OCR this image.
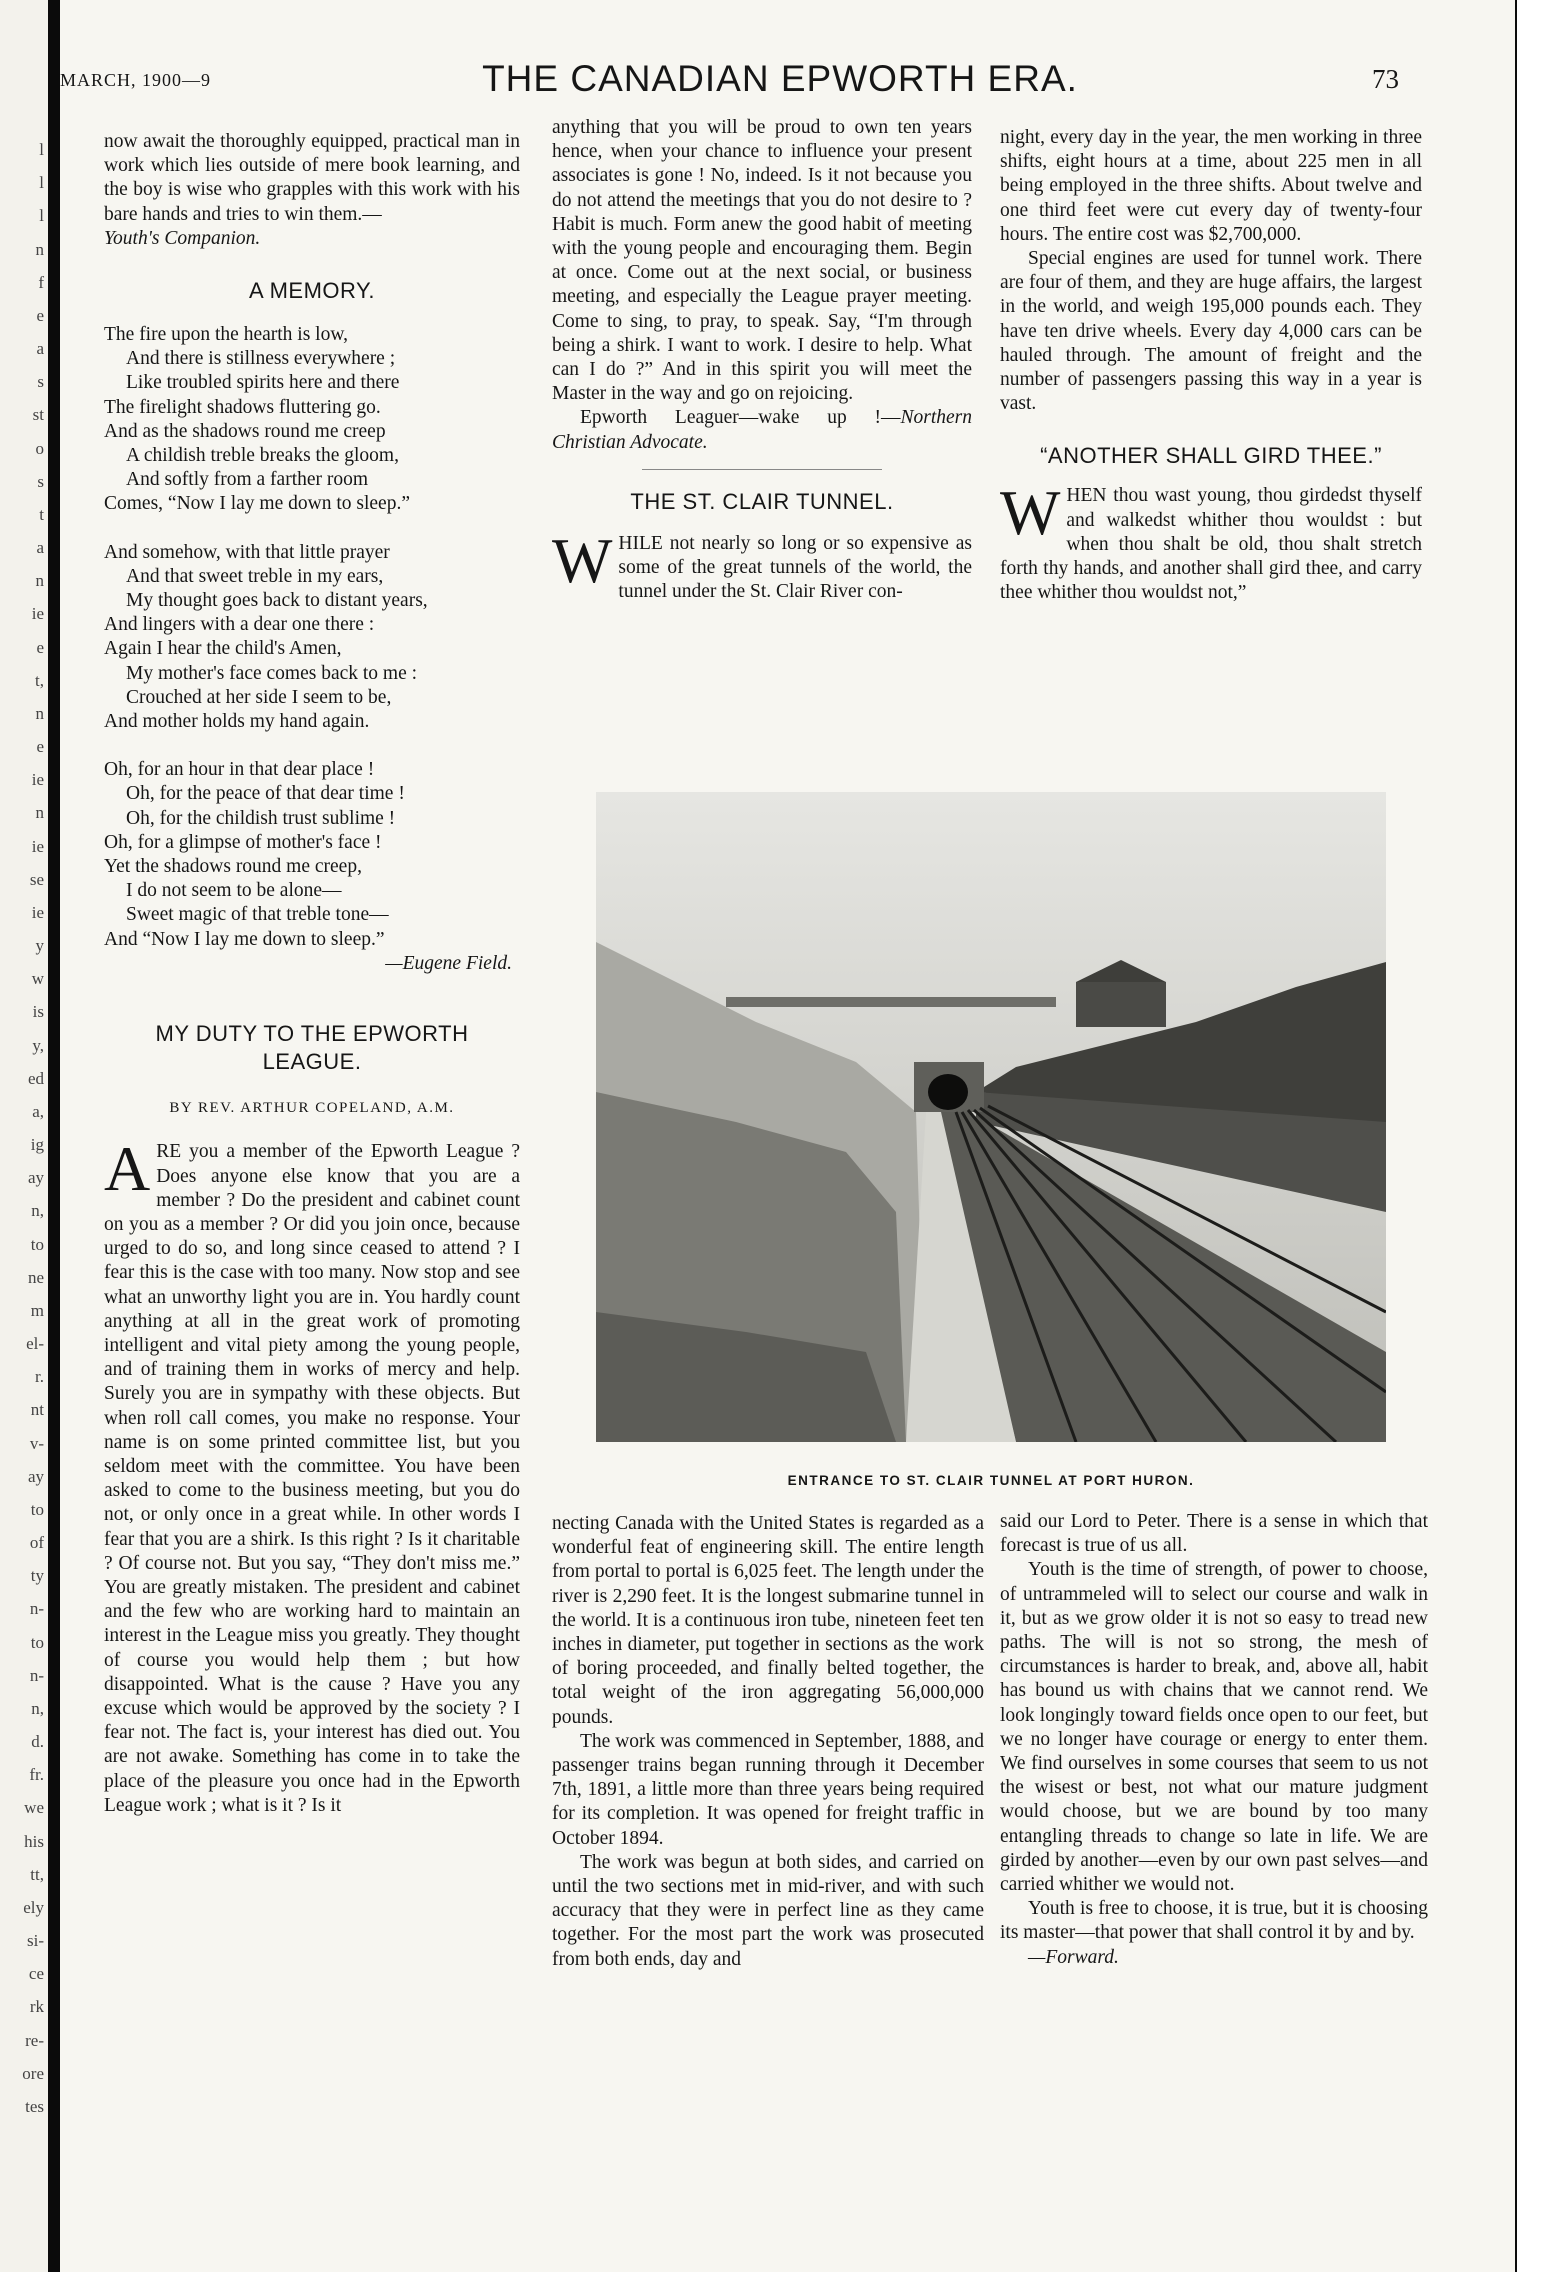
l
l
l
n
f
e
a
s
st
o
s
t
a
n
ie
e
t,
n
e
ie
n
ie
se
ie
y
w
is
y,
ed
a,
ig
ay
n,
to
ne
m
el-
r.
nt
v-
ay
to
of
ty
n-
to
n-
n,
d.
fr.
we
his
tt,
ely
si-
ce
rk
re-
ore
tes
MARCH, 1900—9	THE CANADIAN EPWORTH ERA.	73

now await the thoroughly equipped, practical man in work which lies outside of mere book learning, and the boy is wise who grapples with this work with his bare hands and tries to win them.—
Youth's Companion.

A MEMORY.
The fire upon the hearth is low,
And there is stillness everywhere ;
Like troubled spirits here and there
The firelight shadows fluttering go.
And as the shadows round me creep
A childish treble breaks the gloom,
And softly from a farther room
Comes, “Now I lay me down to sleep.”
And somehow, with that little prayer
And that sweet treble in my ears,
My thought goes back to distant years,
And lingers with a dear one there :
Again I hear the child's Amen,
My mother's face comes back to me :
Crouched at her side I seem to be,
And mother holds my hand again.
Oh, for an hour in that dear place !
Oh, for the peace of that dear time !
Oh, for the childish trust sublime !
Oh, for a glimpse of mother's face !
Yet the shadows round me creep,
I do not seem to be alone—
Sweet magic of that treble tone—
And “Now I lay me down to sleep.”
—Eugene Field.
MY DUTY TO THE EPWORTH LEAGUE.
BY REV. ARTHUR COPELAND, A.M.

ARE you a member of the Epworth League ? Does anyone else know that you are a member ? Do the president and cabinet count on you as a member ? Or did you join once, because urged to do so, and long since ceased to attend ? I fear this is the case with too many. Now stop and see what an unworthy light you are in. You hardly count anything at all in the great work of promoting intelligent and vital piety among the young people, and of training them in works of mercy and help. Surely you are in sympathy with these objects. But when roll call comes, you make no response. Your name is on some printed committee list, but you seldom meet with the committee. You have been asked to come to the business meeting, but you do not, or only once in a great while. In other words I fear that you are a shirk. Is this right ? Is it charitable ? Of course not. But you say, “They don't miss me.” You are greatly mistaken. The president and cabinet and the few who are working hard to maintain an interest in the League miss you greatly. They thought of course you would help them ; but how disappointed. What is the cause ? Have you any excuse which would be approved by the society ? I fear not. The fact is, your interest has died out. You are not awake. Something has come in to take the place of the pleasure you once had in the Epworth League work ; what is it ? Is it

anything that you will be proud to own ten years hence, when your chance to influence your present associates is gone ! No, indeed. Is it not because you do not attend the meetings that you do not desire to ? Habit is much. Form anew the good habit of meeting with the young people and encouraging them. Begin at once. Come out at the next social, or business meeting, and especially the League prayer meeting. Come to sing, to pray, to speak. Say, “I'm through being a shirk. I want to work. I desire to help. What can I do ?” And in this spirit you will meet the Master in the way and go on rejoicing.

Epworth Leaguer—wake up !—Northern Christian Advocate.

THE ST. CLAIR TUNNEL.

WHILE not nearly so long or so expensive as some of the great tunnels of the world, the tunnel under the St. Clair River con-

night, every day in the year, the men working in three shifts, eight hours at a time, about 225 men in all being employed in the three shifts. About twelve and one third feet were cut every day of twenty-four hours. The entire cost was $2,700,000.

Special engines are used for tunnel work. There are four of them, and they are huge affairs, the largest in the world, and weigh 195,000 pounds each. They have ten drive wheels. Every day 4,000 cars can be hauled through. The amount of freight and the number of passengers passing this way in a year is vast.

“ANOTHER SHALL GIRD THEE.”

WHEN thou wast young, thou girdedst thyself and walkedst whither thou wouldst : but when thou shalt be old, thou shalt stretch forth thy hands, and another shall gird thee, and carry thee whither thou wouldst not,”

ENTRANCE TO ST. CLAIR TUNNEL AT PORT HURON.

necting Canada with the United States is regarded as a wonderful feat of engineering skill. The entire length from portal to portal is 6,025 feet. The length under the river is 2,290 feet. It is the longest submarine tunnel in the world. It is a continuous iron tube, nineteen feet ten inches in diameter, put together in sections as the work of boring proceeded, and finally belted together, the total weight of the iron aggregating 56,000,000 pounds.

The work was commenced in September, 1888, and passenger trains began running through it December 7th, 1891, a little more than three years being required for its completion. It was opened for freight traffic in October 1894.

The work was begun at both sides, and carried on until the two sections met in mid-river, and with such accuracy that they were in perfect line as they came together. For the most part the work was prosecuted from both ends, day and

said our Lord to Peter. There is a sense in which that forecast is true of us all.

Youth is the time of strength, of power to choose, of untrammeled will to select our course and walk in it, but as we grow older it is not so easy to tread new paths. The will is not so strong, the mesh of circumstances is harder to break, and, above all, habit has bound us with chains that we cannot rend. We look longingly toward fields once open to our feet, but we no longer have courage or energy to enter them. We find ourselves in some courses that seem to us not the wisest or best, not what our mature judgment would choose, but we are bound by too many entangling threads to change so late in life. We are girded by another—even by our own past selves—and carried whither we would not.

Youth is free to choose, it is true, but it is choosing its master—that power that shall control it by and by.

—Forward.
